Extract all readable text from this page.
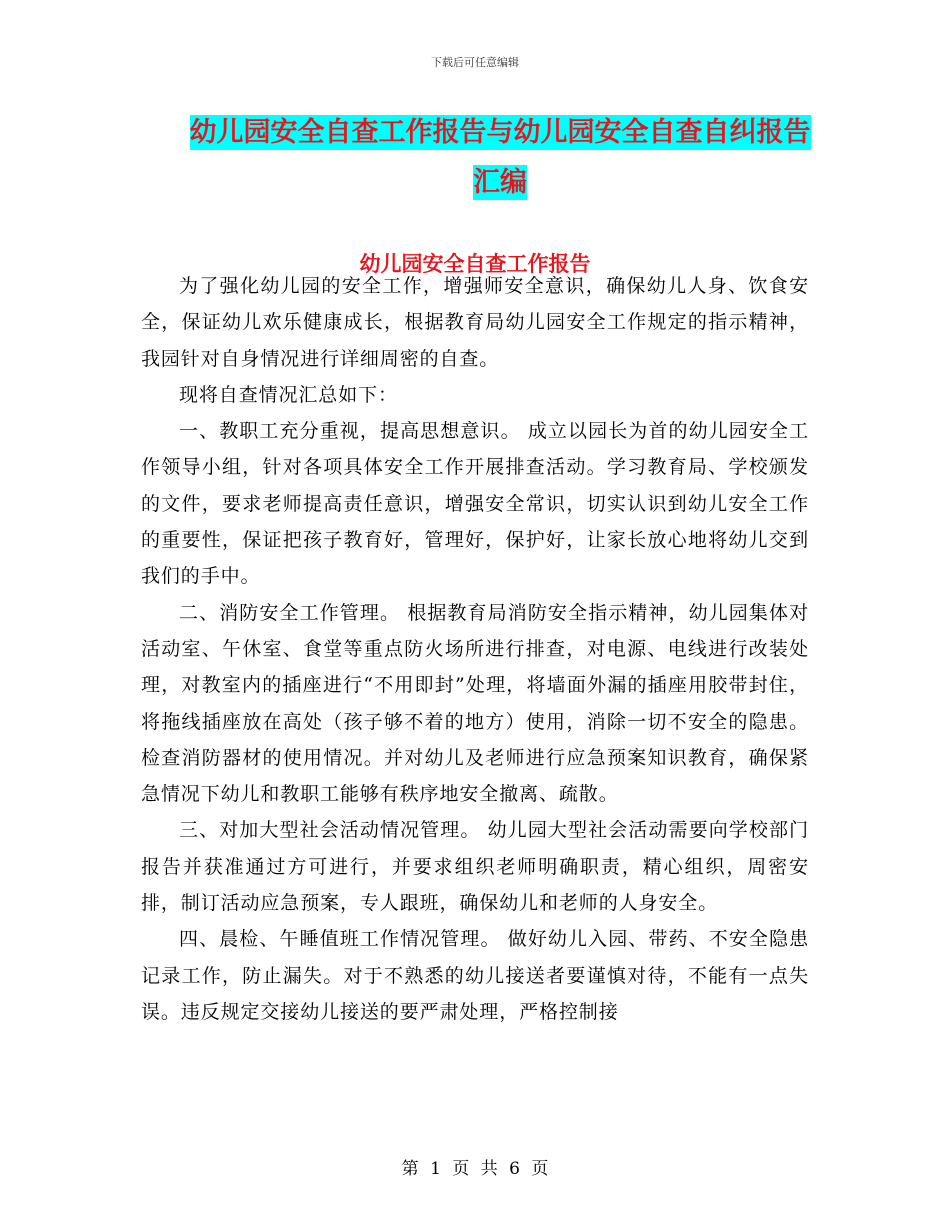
下载后可任意编辑
幼儿园安全自查工作报告与幼儿园安全自查自纠报告
汇编
幼儿园安全自查工作报告

为了强化幼儿园的安全工作，增强师安全意识，确保幼儿人身、饮食安全，保证幼儿欢乐健康成长，根据教育局幼儿园安全工作规定的指示精神，我园针对自身情况进行详细周密的自查。

现将自查情况汇总如下：

一、教职工充分重视，提高思想意识。 成立以园长为首的幼儿园安全工作领导小组，针对各项具体安全工作开展排查活动。学习教育局、学校颁发的文件，要求老师提高责任意识，增强安全常识，切实认识到幼儿安全工作的重要性，保证把孩子教育好，管理好，保护好，让家长放心地将幼儿交到我们的手中。

二、消防安全工作管理。 根据教育局消防安全指示精神，幼儿园集体对活动室、午休室、食堂等重点防火场所进行排查，对电源、电线进行改装处理，对教室内的插座进行“不用即封”处理，将墙面外漏的插座用胶带封住，将拖线插座放在高处（孩子够不着的地方）使用，消除一切不安全的隐患。检查消防器材的使用情况。并对幼儿及老师进行应急预案知识教育，确保紧急情况下幼儿和教职工能够有秩序地安全撤离、疏散。

三、对加大型社会活动情况管理。 幼儿园大型社会活动需要向学校部门报告并获准通过方可进行，并要求组织老师明确职责，精心组织，周密安排，制订活动应急预案，专人跟班，确保幼儿和老师的人身安全。

四、晨检、午睡值班工作情况管理。 做好幼儿入园、带药、不安全隐患记录工作，防止漏失。对于不熟悉的幼儿接送者要谨慎对待，不能有一点失误。违反规定交接幼儿接送的要严肃处理，严格控制接

第 1 页 共 6 页
